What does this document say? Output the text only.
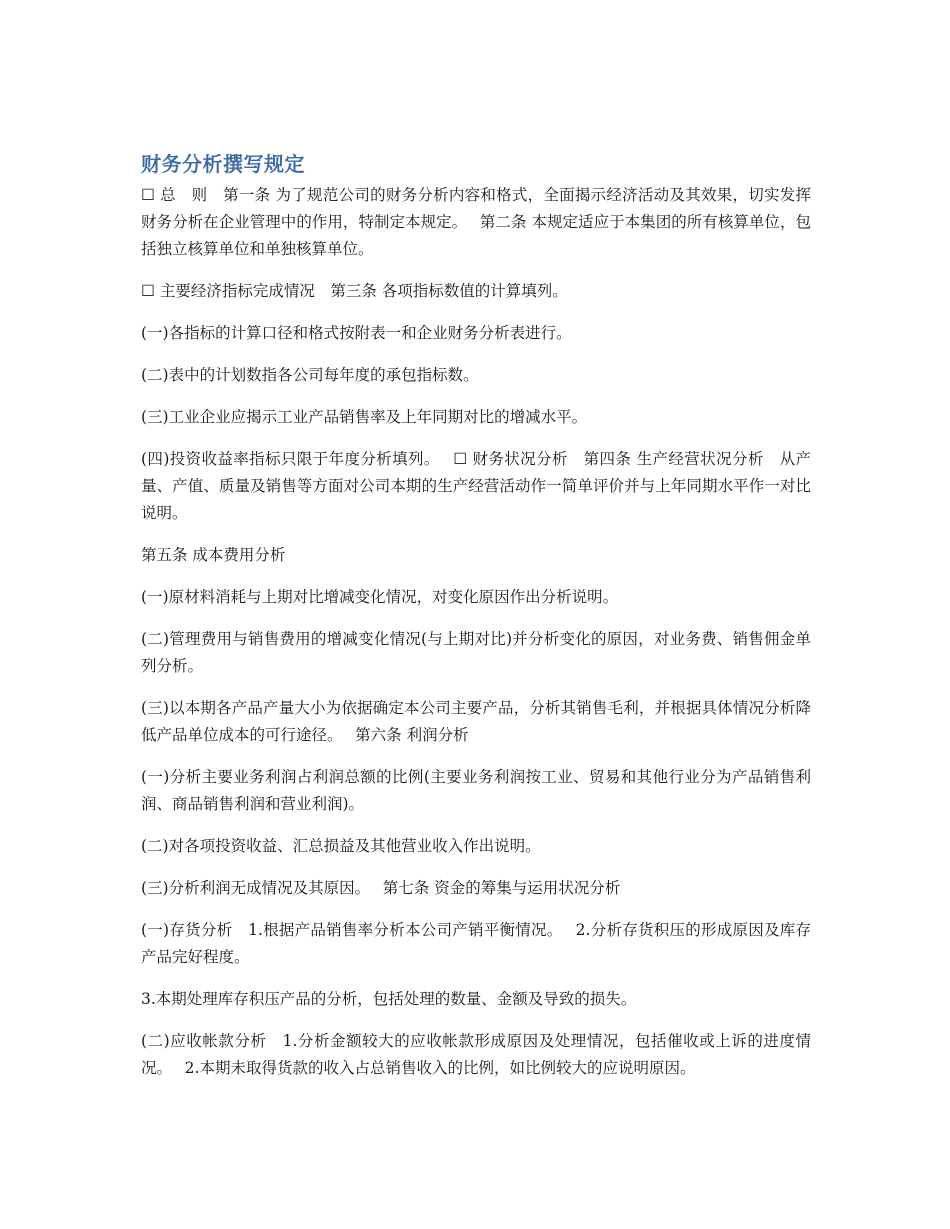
财务分析撰写规定

☐ 总　则　第一条 为了规范公司的财务分析内容和格式，全面揭示经济活动及其效果，切实发挥财务分析在企业管理中的作用，特制定本规定。　 第二条 本规定适应于本集团的所有核算单位，包括独立核算单位和单独核算单位。

☐ 主要经济指标完成情况　第三条 各项指标数值的计算填列。

(一)各指标的计算口径和格式按附表一和企业财务分析表进行。

(二)表中的计划数指各公司每年度的承包指标数。

(三)工业企业应揭示工业产品销售率及上年同期对比的增减水平。

(四)投资收益率指标只限于年度分析填列。　 ☐ 财务状况分析　第四条 生产经营状况分析　从产量、产值、质量及销售等方面对公司本期的生产经营活动作一简单评价并与上年同期水平作一对比说明。

第五条 成本费用分析

(一)原材料消耗与上期对比增减变化情况，对变化原因作出分析说明。

(二)管理费用与销售费用的增减变化情况(与上期对比)并分析变化的原因，对业务费、销售佣金单列分析。

(三)以本期各产品产量大小为依据确定本公司主要产品，分析其销售毛利，并根据具体情况分析降低产品单位成本的可行途径。　 第六条 利润分析

(一)分析主要业务利润占利润总额的比例(主要业务利润按工业、贸易和其他行业分为产品销售利润、商品销售利润和营业利润)。

(二)对各项投资收益、汇总损益及其他营业收入作出说明。

(三)分析利润无成情况及其原因。　 第七条 资金的筹集与运用状况分析

(一)存货分析　1.根据产品销售率分析本公司产销平衡情况。　 2.分析存货积压的形成原因及库存产品完好程度。

3.本期处理库存积压产品的分析，包括处理的数量、金额及导致的损失。

(二)应收帐款分析　1.分析金额较大的应收帐款形成原因及处理情况，包括催收或上诉的进度情况。　 2.本期未取得货款的收入占总销售收入的比例，如比例较大的应说明原因。
